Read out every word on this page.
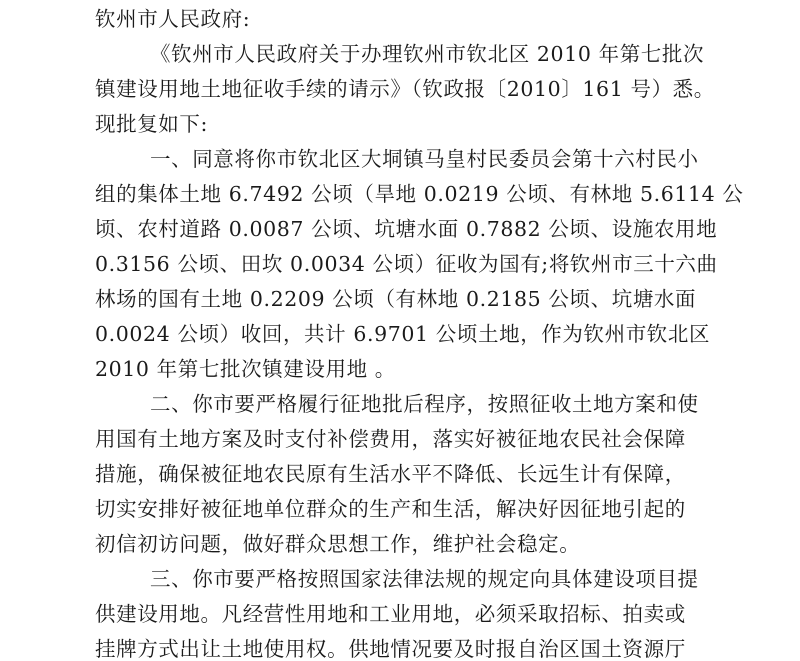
钦州市人民政府:
《钦州市人民政府关于办理钦州市钦北区 2010 年第七批次
镇建设用地土地征收手续的请示》（钦政报〔2010〕161 号）悉。
现批复如下:
一、同意将你市钦北区大垌镇马皇村民委员会第十六村民小
组的集体土地 6.7492 公顷（旱地 0.0219 公顷、有林地 5.6114 公
顷、农村道路 0.0087 公顷、坑塘水面 0.7882 公顷、设施农用地
0.3156 公顷、田坎 0.0034 公顷）征收为国有;将钦州市三十六曲
林场的国有土地 0.2209 公顷（有林地 0.2185 公顷、坑塘水面
0.0024 公顷）收回，共计 6.9701 公顷土地，作为钦州市钦北区
2010 年第七批次镇建设用地 。
二、你市要严格履行征地批后程序，按照征收土地方案和使
用国有土地方案及时支付补偿费用，落实好被征地农民社会保障
措施，确保被征地农民原有生活水平不降低、长远生计有保障，
切实安排好被征地单位群众的生产和生活，解决好因征地引起的
初信初访问题，做好群众思想工作，维护社会稳定。
三、你市要严格按照国家法律法规的规定向具体建设项目提
供建设用地。凡经营性用地和工业用地，必须采取招标、拍卖或
挂牌方式出让土地使用权。供地情况要及时报自治区国土资源厅
